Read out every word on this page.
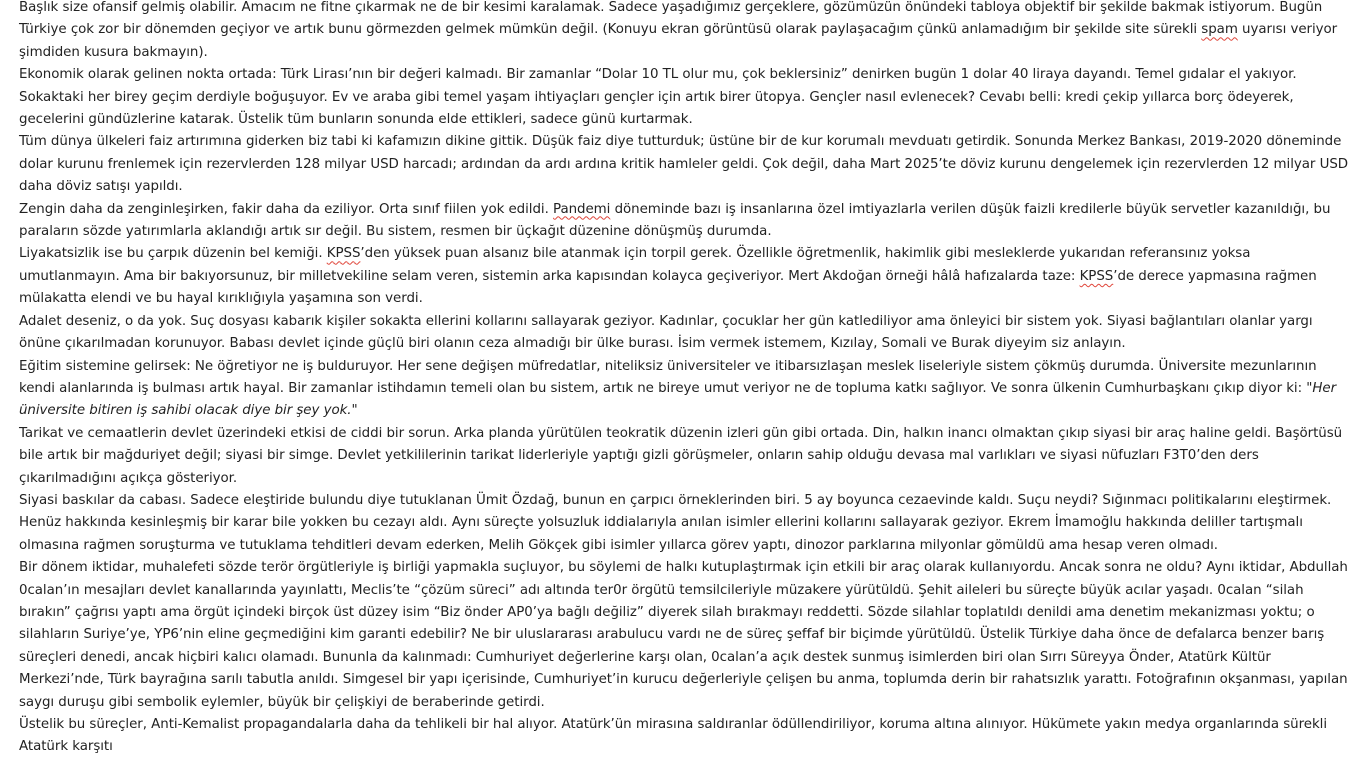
Başlık size ofansif gelmiş olabilir. Amacım ne fitne çıkarmak ne de bir kesimi karalamak. Sadece yaşadığımız gerçeklere, gözümüzün önündeki tabloya objektif bir şekilde bakmak istiyorum. Bugün Türkiye çok zor bir dönemden geçiyor ve artık bunu görmezden gelmek mümkün değil. (Konuyu ekran görüntüsü olarak paylaşacağım çünkü anlamadığım bir şekilde site sürekli spam uyarısı veriyor şimdiden kusura bakmayın).

Ekonomik olarak gelinen nokta ortada: Türk Lirası’nın bir değeri kalmadı. Bir zamanlar “Dolar 10 TL olur mu, çok beklersiniz” denirken bugün 1 dolar 40 liraya dayandı. Temel gıdalar el yakıyor. Sokaktaki her birey geçim derdiyle boğuşuyor. Ev ve araba gibi temel yaşam ihtiyaçları gençler için artık birer ütopya. Gençler nasıl evlenecek? Cevabı belli: kredi çekip yıllarca borç ödeyerek, gecelerini gündüzlerine katarak. Üstelik tüm bunların sonunda elde ettikleri, sadece günü kurtarmak.

Tüm dünya ülkeleri faiz artırımına giderken biz tabi ki kafamızın dikine gittik. Düşük faiz diye tutturduk; üstüne bir de kur korumalı mevduatı getirdik. Sonunda Merkez Bankası, 2019-2020 döneminde dolar kurunu frenlemek için rezervlerden 128 milyar USD harcadı; ardından da ardı ardına kritik hamleler geldi. Çok değil, daha Mart 2025’te döviz kurunu dengelemek için rezervlerden 12 milyar USD daha döviz satışı yapıldı.

Zengin daha da zenginleşirken, fakir daha da eziliyor. Orta sınıf fiilen yok edildi. Pandemi döneminde bazı iş insanlarına özel imtiyazlarla verilen düşük faizli kredilerle büyük servetler kazanıldığı, bu paraların sözde yatırımlarla aklandığı artık sır değil. Bu sistem, resmen bir üçkağıt düzenine dönüşmüş durumda.

Liyakatsizlik ise bu çarpık düzenin bel kemiği. KPSS’den yüksek puan alsanız bile atanmak için torpil gerek. Özellikle öğretmenlik, hakimlik gibi mesleklerde yukarıdan referansınız yoksa umutlanmayın. Ama bir bakıyorsunuz, bir milletvekiline selam veren, sistemin arka kapısından kolayca geçiveriyor. Mert Akdoğan örneği hâlâ hafızalarda taze: KPSS’de derece yapmasına rağmen mülakatta elendi ve bu hayal kırıklığıyla yaşamına son verdi.

Adalet deseniz, o da yok. Suç dosyası kabarık kişiler sokakta ellerini kollarını sallayarak geziyor. Kadınlar, çocuklar her gün katlediliyor ama önleyici bir sistem yok. Siyasi bağlantıları olanlar yargı önüne çıkarılmadan korunuyor. Babası devlet içinde güçlü biri olanın ceza almadığı bir ülke burası. İsim vermek istemem, Kızılay, Somali ve Burak diyeyim siz anlayın.

Eğitim sistemine gelirsek: Ne öğretiyor ne iş bulduruyor. Her sene değişen müfredatlar, niteliksiz üniversiteler ve itibarsızlaşan meslek liseleriyle sistem çökmüş durumda. Üniversite mezunlarının kendi alanlarında iş bulması artık hayal. Bir zamanlar istihdamın temeli olan bu sistem, artık ne bireye umut veriyor ne de topluma katkı sağlıyor. Ve sonra ülkenin Cumhurbaşkanı çıkıp diyor ki: "Her üniversite bitiren iş sahibi olacak diye bir şey yok."

Tarikat ve cemaatlerin devlet üzerindeki etkisi de ciddi bir sorun. Arka planda yürütülen teokratik düzenin izleri gün gibi ortada. Din, halkın inancı olmaktan çıkıp siyasi bir araç haline geldi. Başörtüsü bile artık bir mağduriyet değil; siyasi bir simge. Devlet yetkililerinin tarikat liderleriyle yaptığı gizli görüşmeler, onların sahip olduğu devasa mal varlıkları ve siyasi nüfuzları F3T0’den ders çıkarılmadığını açıkça gösteriyor.

Siyasi baskılar da cabası. Sadece eleştiride bulundu diye tutuklanan Ümit Özdağ, bunun en çarpıcı örneklerinden biri. 5 ay boyunca cezaevinde kaldı. Suçu neydi? Sığınmacı politikalarını eleştirmek. Henüz hakkında kesinleşmiş bir karar bile yokken bu cezayı aldı. Aynı süreçte yolsuzluk iddialarıyla anılan isimler ellerini kollarını sallayarak geziyor. Ekrem İmamoğlu hakkında deliller tartışmalı olmasına rağmen soruşturma ve tutuklama tehditleri devam ederken, Melih Gökçek gibi isimler yıllarca görev yaptı, dinozor parklarına milyonlar gömüldü ama hesap veren olmadı.

Bir dönem iktidar, muhalefeti sözde terör örgütleriyle iş birliği yapmakla suçluyor, bu söylemi de halkı kutuplaştırmak için etkili bir araç olarak kullanıyordu. Ancak sonra ne oldu? Aynı iktidar, Abdullah 0calan’ın mesajları devlet kanallarında yayınlattı, Meclis’te “çözüm süreci” adı altında ter0r örgütü temsilcileriyle müzakere yürütüldü. Şehit aileleri bu süreçte büyük acılar yaşadı. 0calan “silah bırakın” çağrısı yaptı ama örgüt içindeki birçok üst düzey isim “Biz önder AP0’ya bağlı değiliz” diyerek silah bırakmayı reddetti. Sözde silahlar toplatıldı denildi ama denetim mekanizması yoktu; o silahların Suriye’ye, YP6’nin eline geçmediğini kim garanti edebilir? Ne bir uluslararası arabulucu vardı ne de süreç şeffaf bir biçimde yürütüldü. Üstelik Türkiye daha önce de defalarca benzer barış süreçleri denedi, ancak hiçbiri kalıcı olamadı. Bununla da kalınmadı: Cumhuriyet değerlerine karşı olan, 0calan’a açık destek sunmuş isimlerden biri olan Sırrı Süreyya Önder, Atatürk Kültür Merkezi’nde, Türk bayrağına sarılı tabutla anıldı. Simgesel bir yapı içerisinde, Cumhuriyet’in kurucu değerleriyle çelişen bu anma, toplumda derin bir rahatsızlık yarattı. Fotoğrafının okşanması, yapılan saygı duruşu gibi sembolik eylemler, büyük bir çelişkiyi de beraberinde getirdi.

Üstelik bu süreçler, Anti-Kemalist propagandalarla daha da tehlikeli bir hal alıyor. Atatürk’ün mirasına saldıranlar ödüllendiriliyor, koruma altına alınıyor. Hükümete yakın medya organlarında sürekli Atatürk karşıtı
